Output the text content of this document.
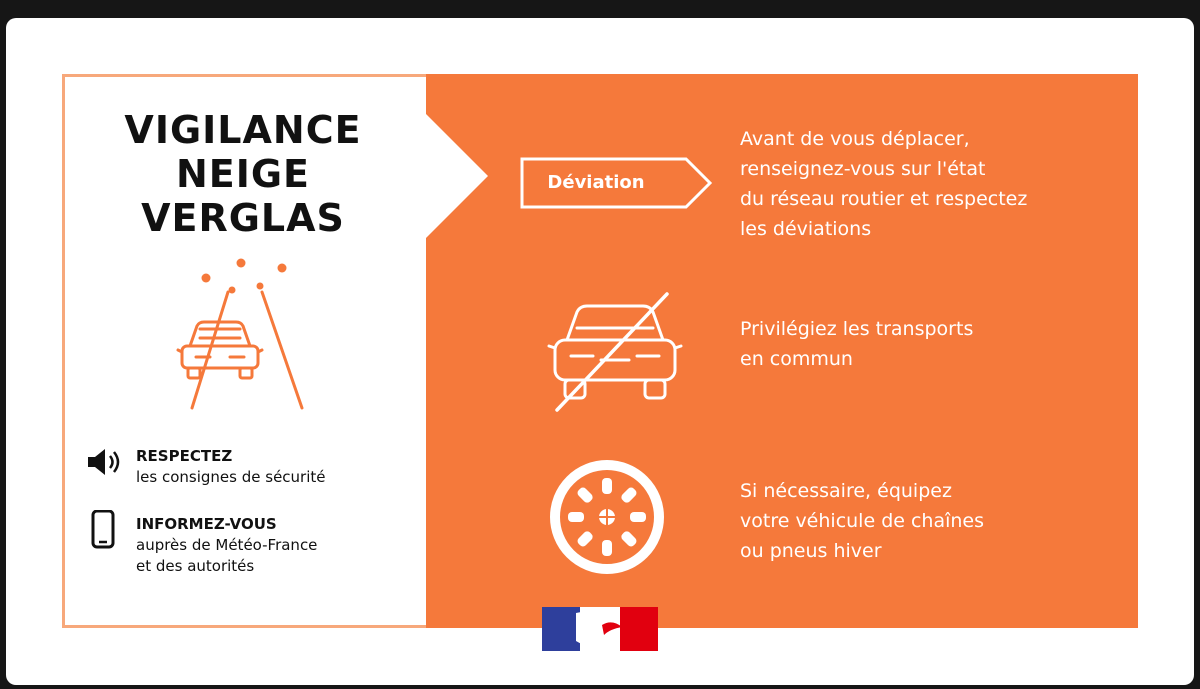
VIGILANCE
NEIGE
VERGLAS
RESPECTEZ
les consignes de sécurité
INFORMEZ-VOUS
auprès de Météo-France
et des autorités
Déviation
Avant de vous déplacer,
renseignez-vous sur l'état
du réseau routier et respectez
les déviations
Privilégiez les transports
en commun
Si nécessaire, équipez
votre véhicule de chaînes
ou pneus hiver
